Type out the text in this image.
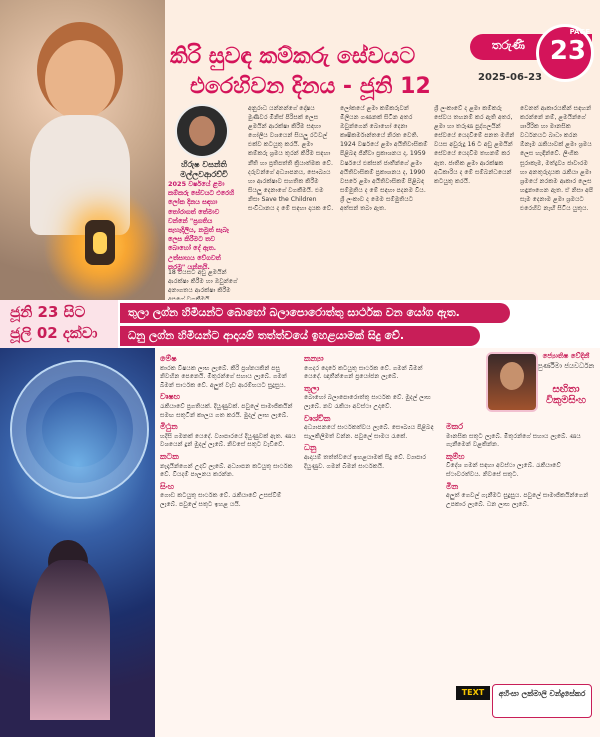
තරුණී
PAGE
23
2025-06-23
කිරි සුවඳ කම්කරු සේවයට
එරෙහිවන දිනය - ජූනි 12
හිරුෂ වසන්ති මල්ලවආරච්චි
2025 වර්ෂයේ ළමා කම්කරු සේවයට එරෙහි ලෝක දිනය සඳහා තෝරාගත් තේමාව වන්නේ "ප්‍රගතිය පැහැදිලිය, නමුත් සැබෑ ලෙස කිරීමට තව බොහෝ දේ ඇත. උත්සාහය වේගවත් කරමු" යන්නයි.
18 වයසට අඩු ළමයින් ආරක්ෂා කිරීම හා ඔවුන්ගේ අනාගතය ආරක්ෂා කිරීම
අනුරාධ යන්නන්ගේ දෝෂය මුණිවර මිනිස් පිරිසක් ලෙස ළමයින් ආරක්ෂා කිරීම සඳහා ගෝලීය වශයෙන් සියලු රටවල් එක්ව කටයුතු කරයි. ළමා කම්කරු ශ්‍රමය තුරන් කිරීම සඳහා නීති හා ප්‍රතිපත්ති ක්‍රියාත්මක වේ. දරුවන්ගේ අධ්‍යාපනය, සෞඛ්‍යය හා ආරක්ෂාව සහතික කිරීම සියලු දෙනාගේ වගකීමයි. එම නිසා Save the Children සංවිධානය ද මේ සඳහා දායක වේ.
ලෝකයේ ළමා කම්කරුවන් මිලියන ගණනක් සිටින අතර ඔවුන්ගෙන් බොහෝ දෙනා කෘෂිකර්මාන්තයේ නිරත වෙති. 1924 වර්ෂයේ ළමා අයිතිවාසිකම් පිළිබඳ ජිනීවා ප්‍රකාශනය ද, 1959 වර්ෂයේ එක්සත් ජාතීන්ගේ ළමා අයිතිවාසිකම් ප්‍රකාශනය ද, 1990 වසරේ ළමා අයිතිවාසිකම් පිළිබඳ සම්මුතිය ද මේ සඳහා පදනම විය. ශ්‍රී ලංකාව ද මෙම සම්මුතියට අත්සන් තබා ඇත.
ශ්‍රී ලංකාවේ ද ළමා කම්කරු සේවය තහනම් කර ඇති අතර, ළමා හා තරුණ පුද්ගලයින් සේවයේ යෙදවීමේ පනත මගින් වයස අවුරුදු 16 ට අඩු ළමයින් සේවයේ යෙදවීම තහනම් කර ඇත. ජාතික ළමා ආරක්ෂක අධිකාරිය ද මේ සම්බන්ධයෙන් කටයුතු කරයි.
වෙනත් ආකාරයකින් සඳහන් කරන්නේ නම්, ළමයින්ගේ ශාරීරික හා මානසික වර්ධනයට බාධා කරන ඕනෑම රැකියාවක් ළමා ශ්‍රමය ලෙස හැඳින්වේ. ලිංගික සූරාකෑම, මත්ද්‍රව්‍ය ජාවාරම හා අනතුරුදායක රැකියා ළමා ශ්‍රමයේ නරකම ආකාර ලෙස හඳුනාගෙන ඇත. ඒ නිසා අපි සැම දෙනාම ළමා ශ්‍රමයට එරෙහිව නැඟී සිටිය යුතුය.
ජූනි 23 සිට
ජූලි 02 දක්වා
තුලා ලග්න හිමියන්ට බොහෝ බලාපොරොත්තු සාර්ථක වන යෝග ඇත.
ධනු ලග්න හිමියන්ට ආදායම් තත්ත්වයේ ඉහළයාමක් සිදු වේ.
මේෂ
කාරක විෂයක ලාභ ලැබේ. කිරි ප්‍රශ්නයකින් පසු නිවහින පෙනෙයි. මිතුරන්ගේ සහාය ලැබේ. ගමන් බිමන් සාර්ථක වේ. අලුත් වැඩ ආරම්භයට සුදුසුය.
වෘෂභ
රැකියාවේ ප්‍රගතියක්. දියුණුවක්. පවුලේ සාමාජිකයින් සමඟ සතුටින් කාලය ගත කරයි. මුදල් ලාභ ලැබේ.
මිථුන
හදිසි ගමනක් යෙදේ. ව්‍යාපාරයේ දියුණුවක් ඇත. ණය වශයෙන් දුන් මුදල් ලැබේ. නිවසේ සතුට වැඩිවේ.
කටක
නෑදෑයින්ගෙන් උදව් ලැබේ. අධ්‍යාපන කටයුතු සාර්ථක වේ. වියදම් පාලනය කරන්න.
සිංහ
ගොඩ කටයුතු සාර්ථක වේ. රැකියාවේ උසස්වීම් ලැබේ. පවුලේ සතුට ඉහළ යයි.
කන්‍යා
ගෙදර දොරේ කටයුතු සාර්ථක වේ. ගමන් බිමන් යෙදේ. ඥාතීන්ගෙන් ප්‍රයෝජන ලැබේ.
තුලා
බොහෝ බලාපොරොත්තු සාර්ථක වේ. මුදල් ලාභ ලැබේ. නව රැකියා අවස්ථා උදාවේ.
වෘශ්චික
අධ්‍යාපනයේ සාර්ථකත්වය ලැබේ. සෞඛ්‍යය පිළිබඳ සැලකිලිමත් වන්න. පවුලේ සාමය රැකේ.
ධනු
ආදායම් තත්ත්වයේ ඉහළයාමක් සිදු වේ. ව්‍යාපාර දියුණුව. ගමන් බිමන් සාර්ථකයි.
ජ්‍යොතිෂ වේදිනී
පුර්ණිමා ජයවර්ධන
සඟිතා විකුමසිංහ
මකර
මානසික සතුට ලැබේ. මිතුරන්ගේ සහාය ලැබේ. ණය ගැනීමෙන් වළකින්න.
කුම්භ
විදේශ ගමන් සඳහා අවස්ථා ලැබේ. රැකියාවේ ස්ථාවරත්වය. නිවසේ සතුට.
මීන
අලුත් ගෙවල් ගැනීමට සුදුසුය. පවුලේ සාමාජිකයින්ගෙන් උපකාර ලැබේ. ධන ලාභ ලැබේ.
TEXT	අහිංසා ලක්මාලි චන්ද්‍රසේකර
